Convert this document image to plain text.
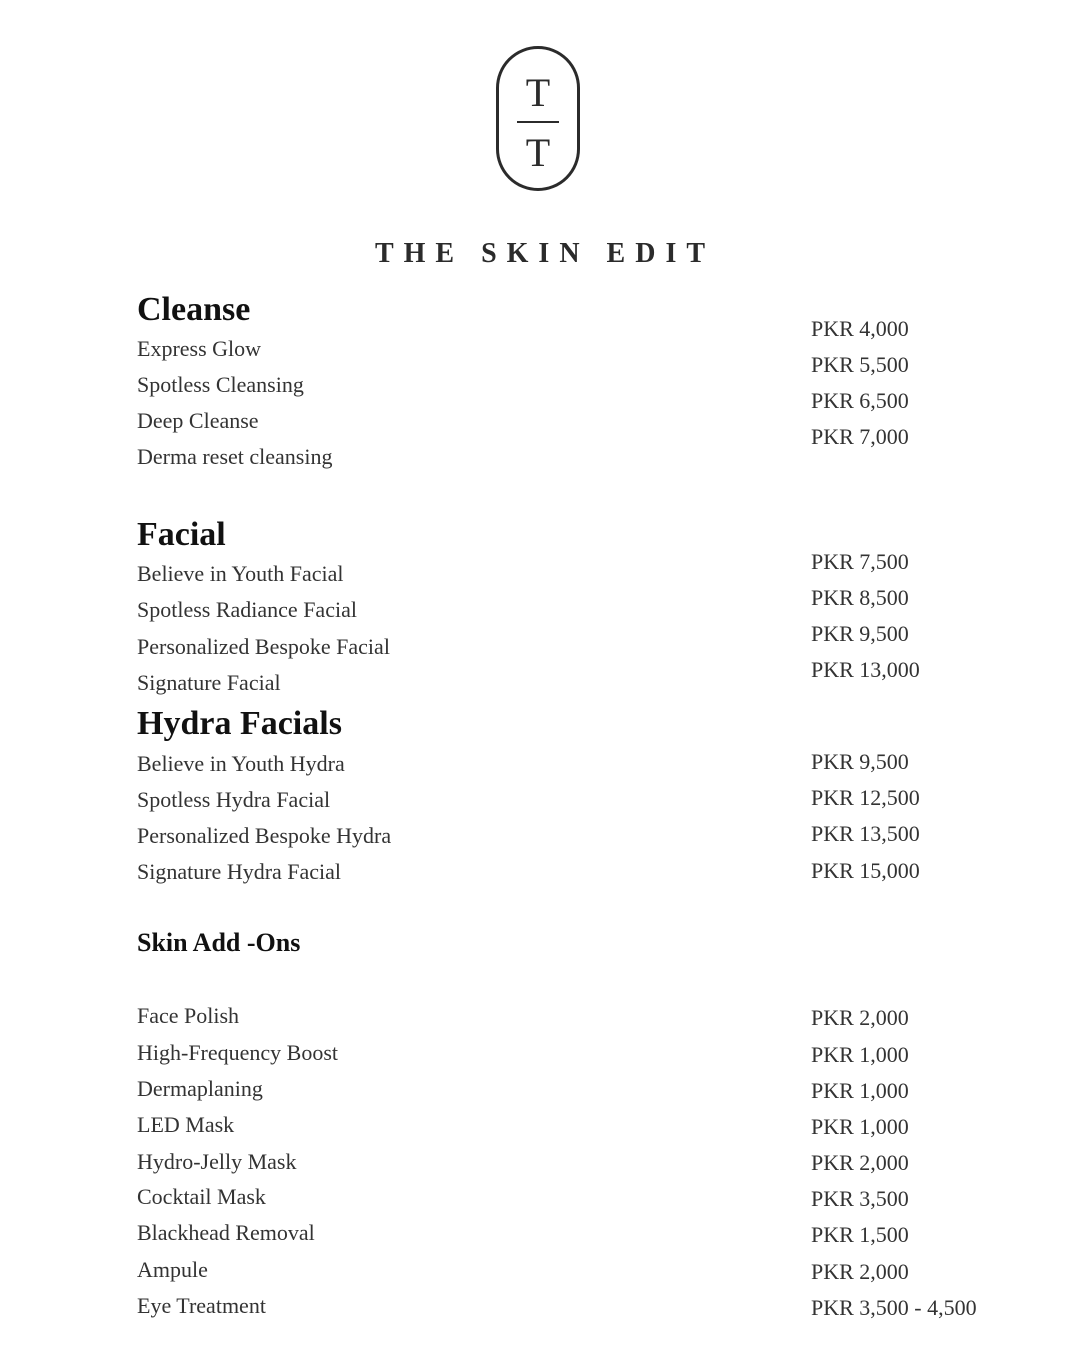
T
T
THE SKIN EDIT
Cleanse
Express Glow
Spotless Cleansing
Deep Cleanse
Derma reset cleansing
PKR 4,000
PKR 5,500
PKR 6,500
PKR 7,000
Facial
Believe in Youth Facial
Spotless Radiance Facial
Personalized Bespoke Facial
Signature Facial
PKR 7,500
PKR 8,500
PKR 9,500
PKR 13,000
Hydra Facials
Believe in Youth Hydra
Spotless Hydra Facial
Personalized Bespoke Hydra
Signature Hydra Facial
PKR 9,500
PKR 12,500
PKR 13,500
PKR 15,000
Skin Add -Ons
Face Polish
High-Frequency Boost
Dermaplaning
LED Mask
Hydro-Jelly Mask
Cocktail Mask
Blackhead Removal
Ampule
Eye Treatment
PKR 2,000
PKR 1,000
PKR 1,000
PKR 1,000
PKR 2,000
PKR 3,500
PKR 1,500
PKR 2,000
PKR 3,500 - 4,500
